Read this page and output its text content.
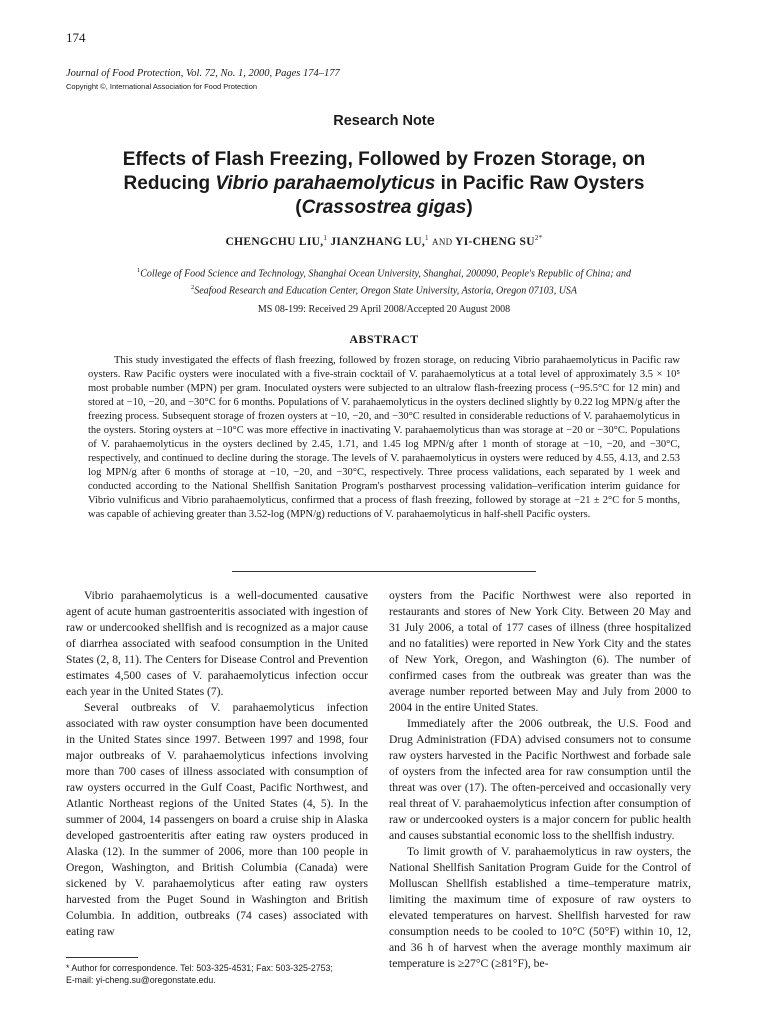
174
Journal of Food Protection, Vol. 72, No. 1, 2000, Pages 174–177
Copyright ©, International Association for Food Protection
Research Note
Effects of Flash Freezing, Followed by Frozen Storage, on
Reducing Vibrio parahaemolyticus in Pacific Raw Oysters
(Crassostrea gigas)
CHENGCHU LIU,$^1$ JIANZHANG LU,$^1$ AND YI-CHENG $SU^{2*}$
$^1$College of Food Science and Technology, Shanghai Ocean University, Shanghai, 200090, People's Republic of China; and
$^2$Seafood Research and Education Center, Oregon State University, Astoria, Oregon 07103, USA
MS 08-199: Received 29 April 2008/Accepted 20 August 2008
ABSTRACT
This study investigated the effects of flash freezing, followed by frozen storage, on reducing Vibrio parahaemolyticus in Pacific raw oysters. Raw Pacific oysters were inoculated with a five-strain cocktail of V. parahaemolyticus at a total level of approximately 3.5 × 10⁵ most probable number (MPN) per gram. Inoculated oysters were subjected to an ultralow flash-freezing process (−95.5°C for 12 min) and stored at −10, −20, and −30°C for 6 months. Populations of V. parahaemolyticus in the oysters declined slightly by 0.22 log MPN/g after the freezing process. Subsequent storage of frozen oysters at −10, −20, and −30°C resulted in considerable reductions of V. parahaemolyticus in the oysters. Storing oysters at −10°C was more effective in inactivating V. parahaemolyticus than was storage at −20 or −30°C. Populations of V. parahaemolyticus in the oysters declined by 2.45, 1.71, and 1.45 log MPN/g after 1 month of storage at −10, −20, and −30°C, respectively, and continued to decline during the storage. The levels of V. parahaemolyticus in oysters were reduced by 4.55, 4.13, and 2.53 log MPN/g after 6 months of storage at −10, −20, and −30°C, respectively. Three process validations, each separated by 1 week and conducted according to the National Shellfish Sanitation Program's postharvest processing validation–verification interim guidance for Vibrio vulnificus and Vibrio parahaemolyticus, confirmed that a process of flash freezing, followed by storage at −21 ± 2°C for 5 months, was capable of achieving greater than 3.52-log (MPN/g) reductions of V. parahaemolyticus in half-shell Pacific oysters.

Vibrio parahaemolyticus is a well-documented causative agent of acute human gastroenteritis associated with ingestion of raw or undercooked shellfish and is recognized as a major cause of diarrhea associated with seafood consumption in the United States (2, 8, 11). The Centers for Disease Control and Prevention estimates 4,500 cases of V. parahaemolyticus infection occur each year in the United States (7).

Several outbreaks of V. parahaemolyticus infection associated with raw oyster consumption have been documented in the United States since 1997. Between 1997 and 1998, four major outbreaks of V. parahaemolyticus infections involving more than 700 cases of illness associated with consumption of raw oysters occurred in the Gulf Coast, Pacific Northwest, and Atlantic Northeast regions of the United States (4, 5). In the summer of 2004, 14 passengers on board a cruise ship in Alaska developed gastroenteritis after eating raw oysters produced in Alaska (12). In the summer of 2006, more than 100 people in Oregon, Washington, and British Columbia (Canada) were sickened by V. parahaemolyticus after eating raw oysters harvested from the Puget Sound in Washington and British Columbia. In addition, outbreaks (74 cases) associated with eating raw

oysters from the Pacific Northwest were also reported in restaurants and stores of New York City. Between 20 May and 31 July 2006, a total of 177 cases of illness (three hospitalized and no fatalities) were reported in New York City and the states of New York, Oregon, and Washington (6). The number of confirmed cases from the outbreak was greater than was the average number reported between May and July from 2000 to 2004 in the entire United States.

Immediately after the 2006 outbreak, the U.S. Food and Drug Administration (FDA) advised consumers not to consume raw oysters harvested in the Pacific Northwest and forbade sale of oysters from the infected area for raw consumption until the threat was over (17). The often-perceived and occasionally very real threat of V. parahaemolyticus infection after consumption of raw or undercooked oysters is a major concern for public health and causes substantial economic loss to the shellfish industry.

To limit growth of V. parahaemolyticus in raw oysters, the National Shellfish Sanitation Program Guide for the Control of Molluscan Shellfish established a time–temperature matrix, limiting the maximum time of exposure of raw oysters to elevated temperatures on harvest. Shellfish harvested for raw consumption needs to be cooled to 10°C (50°F) within 10, 12, and 36 h of harvest when the average monthly maximum air temperature is ≥27°C (≥81°F), be-

* Author for correspondence. Tel: 503-325-4531; Fax: 503-325-2753;
E-mail: yi-cheng.su@oregonstate.edu.
